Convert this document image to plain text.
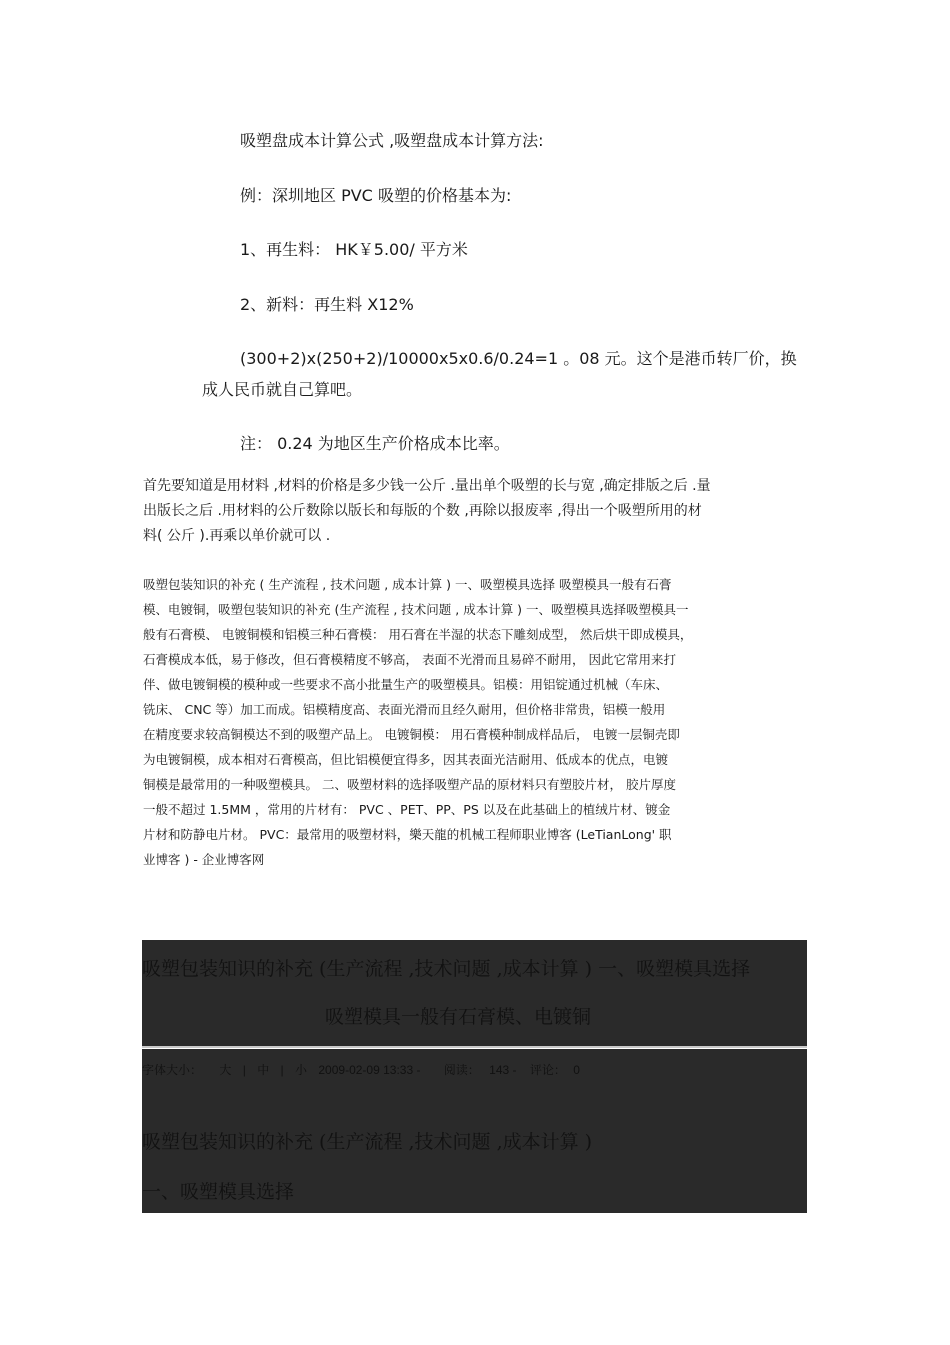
吸塑盘成本计算公式 ,吸塑盘成本计算方法:
例：深圳地区 PVC 吸塑的价格基本为:
1、再生料： HK￥5.00/ 平方米
2、新料：再生料 X12%
(300+2)x(250+2)/10000x5x0.6/0.24=1 。08 元。这个是港币转厂价，换
成人民币就自己算吧。
注： 0.24 为地区生产价格成本比率。
首先要知道是用材料 ,材料的价格是多少钱一公斤 .量出单个吸塑的长与宽 ,确定排版之后 .量
出版长之后 .用材料的公斤数除以版长和每版的个数 ,再除以报废率 ,得出一个吸塑所用的材
料( 公斤 ).再乘以单价就可以 .
吸塑包装知识的补充 ( 生产流程 , 技术问题 , 成本计算 ) 一、吸塑模具选择 吸塑模具一般有石膏
模、电镀铜，吸塑包装知识的补充 (生产流程 , 技术问题 , 成本计算 ) 一、吸塑模具选择吸塑模具一
般有石膏模、 电镀铜模和铝模三种石膏模： 用石膏在半湿的状态下雕刻成型， 然后烘干即成模具，
石膏模成本低，易于修改，但石膏模精度不够高， 表面不光滑而且易碎不耐用， 因此它常用来打
伴、做电镀铜模的模种或一些要求不高小批量生产的吸塑模具。铝模：用铝锭通过机械（车床、
铣床、 CNC 等）加工而成。铝模精度高、表面光滑而且经久耐用，但价格非常贵，铝模一般用
在精度要求较高铜模达不到的吸塑产品上。 电镀铜模： 用石膏模种制成样品后， 电镀一层铜壳即
为电镀铜模，成本相对石膏模高，但比铝模便宜得多，因其表面光洁耐用、低成本的优点，电镀
铜模是最常用的一种吸塑模具。 二、吸塑材料的选择吸塑产品的原材料只有塑胶片材， 胶片厚度
一般不超过 1.5MM ，常用的片材有： PVC 、PET、PP、PS 以及在此基础上的植绒片材、镀金
片材和防静电片材。 PVC：最常用的吸塑材料，樂天龍的机械工程师职业博客 (LeTianLong' 职
业博客 ) - 企业博客网
吸塑包装知识的补充 (生产流程 ,技术问题 ,成本计算 ) 一、吸塑模具选择
吸塑模具一般有石膏模、电镀铜
字体大小： 大 | 中 | 小 2009-02-09 13:33 - 阅读： 143 - 评论： 0
吸塑包装知识的补充 (生产流程 ,技术问题 ,成本计算 )
一、吸塑模具选择
